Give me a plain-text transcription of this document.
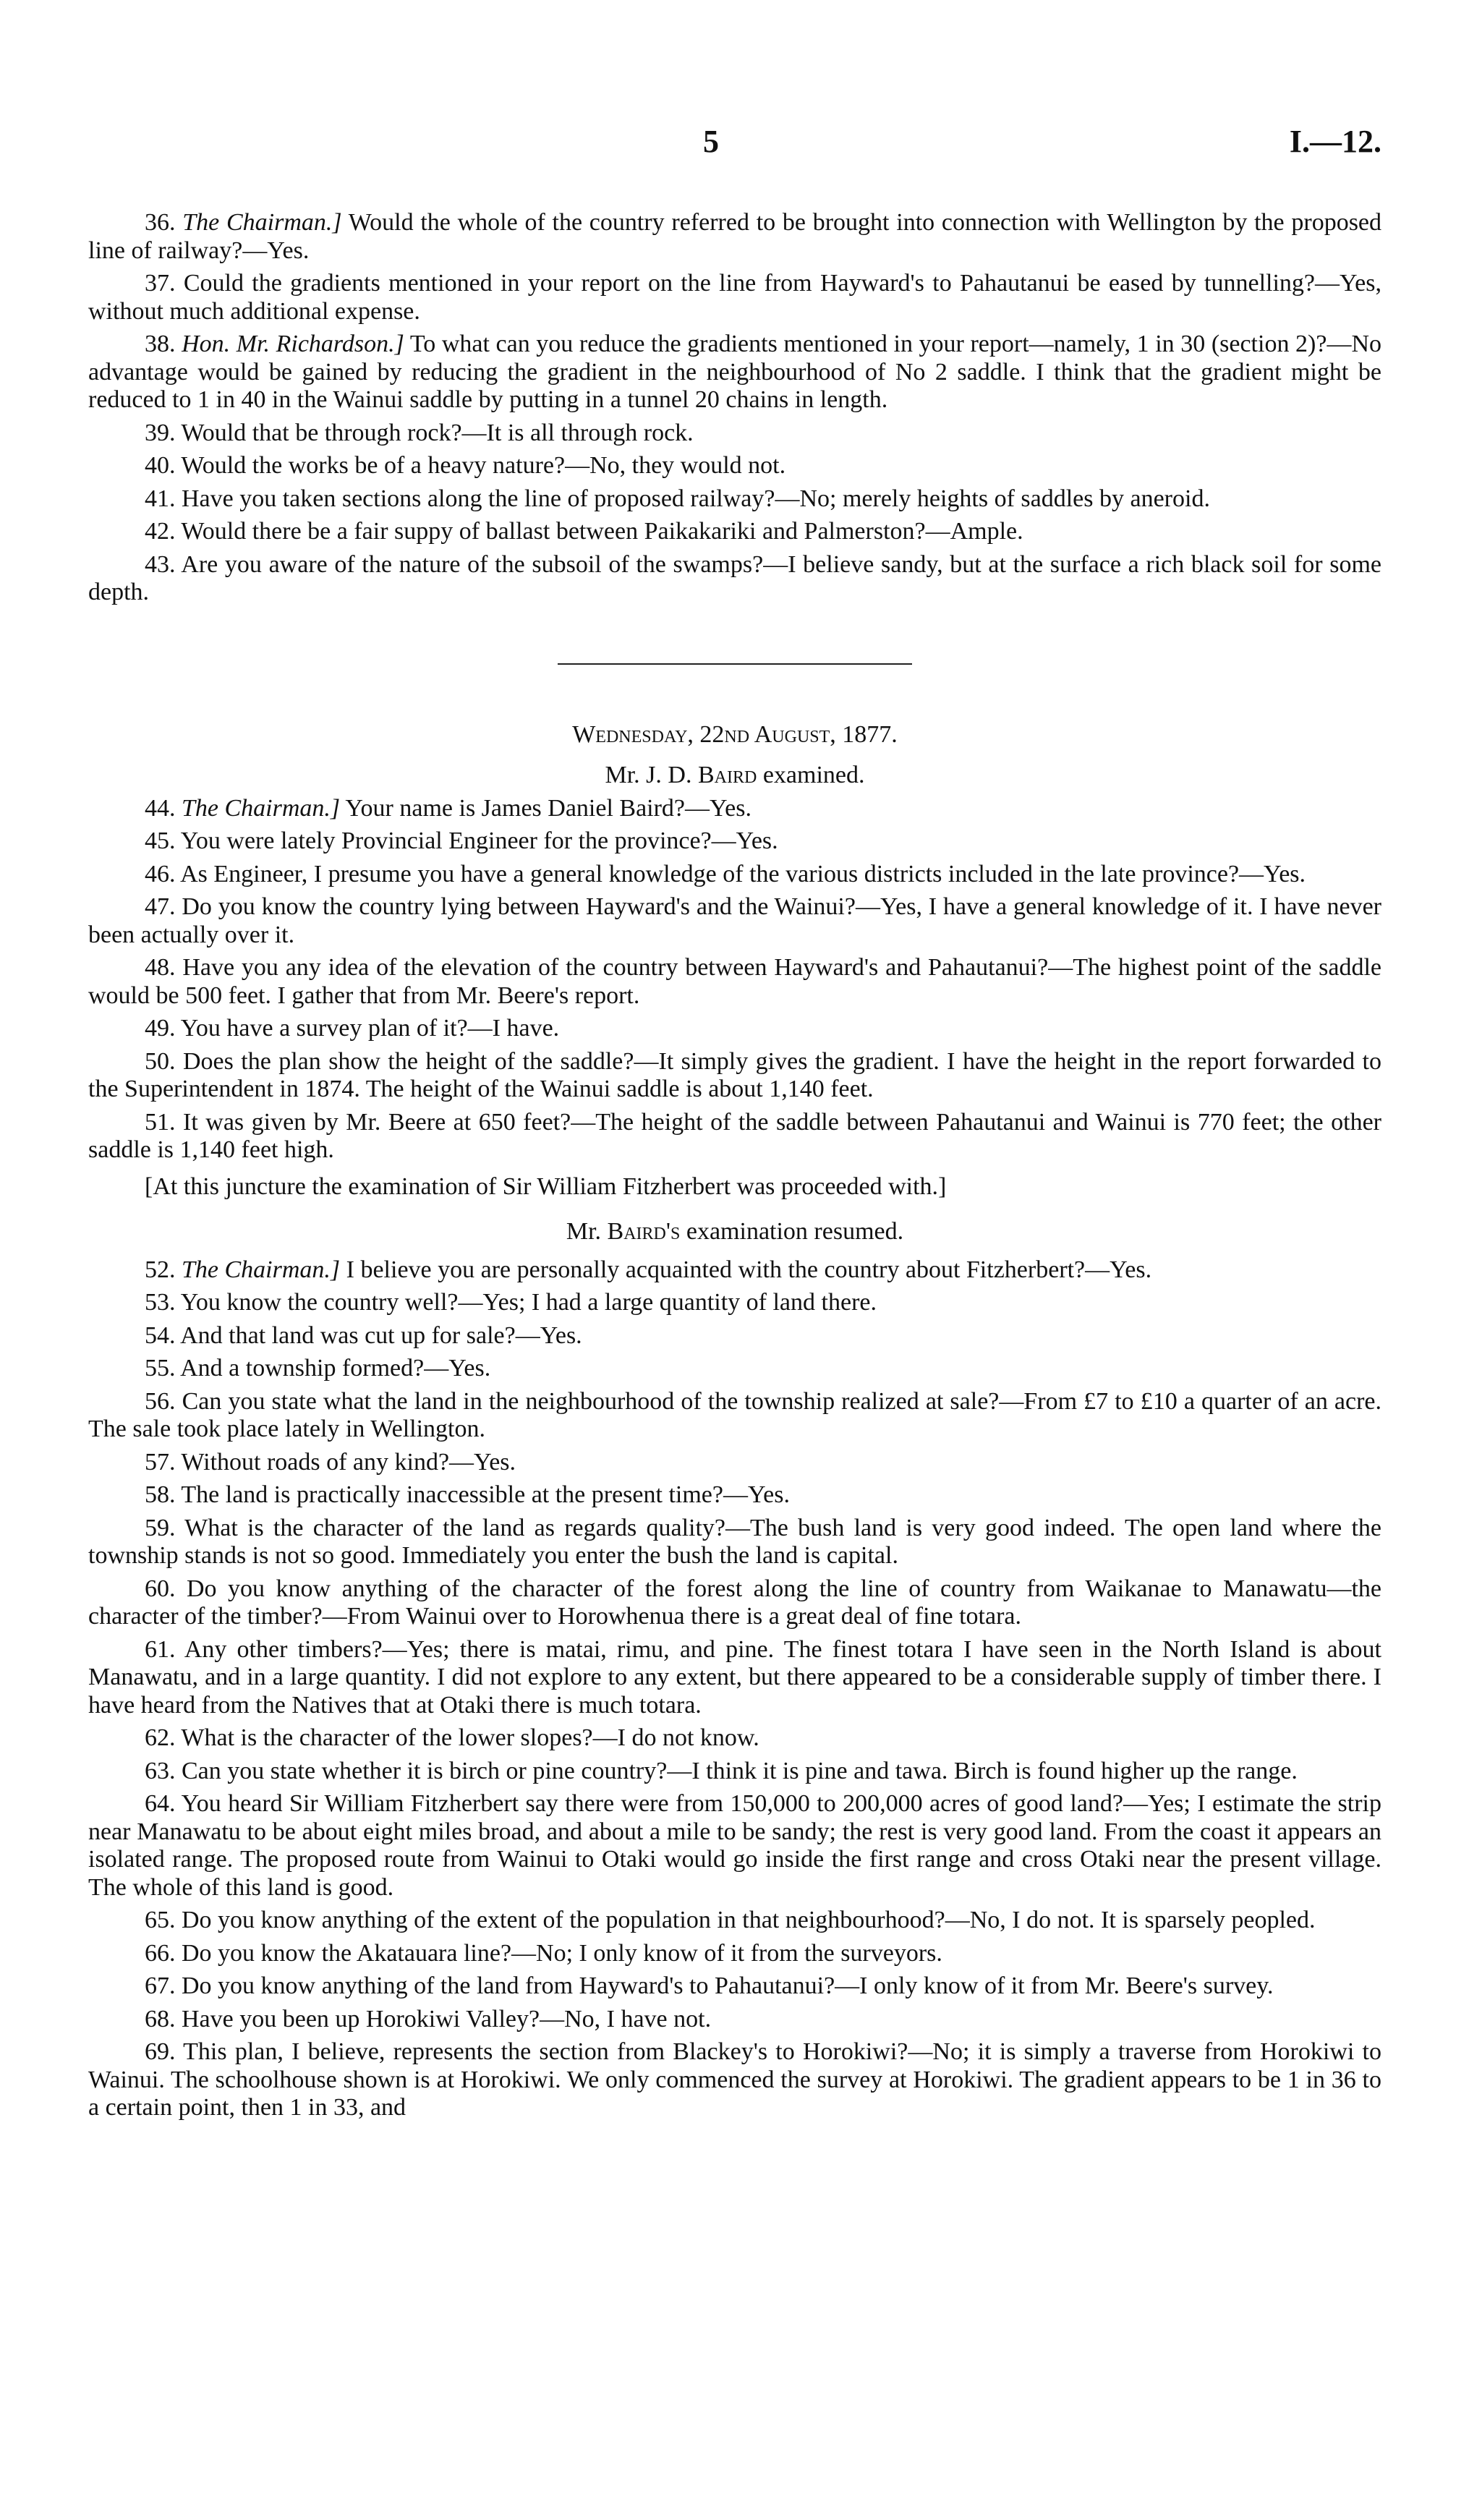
5	I.—12.

36. The Chairman.] Would the whole of the country referred to be brought into connection with Wellington by the proposed line of railway?—Yes.

37. Could the gradients mentioned in your report on the line from Hayward's to Pahautanui be eased by tunnelling?—Yes, without much additional expense.

38. Hon. Mr. Richardson.] To what can you reduce the gradients mentioned in your report—namely, 1 in 30 (section 2)?—No advantage would be gained by reducing the gradient in the neighbourhood of No 2 saddle. I think that the gradient might be reduced to 1 in 40 in the Wainui saddle by putting in a tunnel 20 chains in length.

39. Would that be through rock?—It is all through rock.

40. Would the works be of a heavy nature?—No, they would not.

41. Have you taken sections along the line of proposed railway?—No; merely heights of saddles by aneroid.

42. Would there be a fair suppy of ballast between Paikakariki and Palmerston?—Ample.

43. Are you aware of the nature of the subsoil of the swamps?—I believe sandy, but at the surface a rich black soil for some depth.

Wednesday, 22nd August, 1877.

Mr. J. D. Baird examined.

44. The Chairman.] Your name is James Daniel Baird?—Yes.

45. You were lately Provincial Engineer for the province?—Yes.

46. As Engineer, I presume you have a general knowledge of the various districts included in the late province?—Yes.

47. Do you know the country lying between Hayward's and the Wainui?—Yes, I have a general knowledge of it. I have never been actually over it.

48. Have you any idea of the elevation of the country between Hayward's and Pahautanui?—The highest point of the saddle would be 500 feet. I gather that from Mr. Beere's report.

49. You have a survey plan of it?—I have.

50. Does the plan show the height of the saddle?—It simply gives the gradient. I have the height in the report forwarded to the Superintendent in 1874. The height of the Wainui saddle is about 1,140 feet.

51. It was given by Mr. Beere at 650 feet?—The height of the saddle between Pahautanui and Wainui is 770 feet; the other saddle is 1,140 feet high.

[At this juncture the examination of Sir William Fitzherbert was proceeded with.]

Mr. Baird's examination resumed.

52. The Chairman.] I believe you are personally acquainted with the country about Fitzherbert?—Yes.

53. You know the country well?—Yes; I had a large quantity of land there.

54. And that land was cut up for sale?—Yes.

55. And a township formed?—Yes.

56. Can you state what the land in the neighbourhood of the township realized at sale?—From £7 to £10 a quarter of an acre. The sale took place lately in Wellington.

57. Without roads of any kind?—Yes.

58. The land is practically inaccessible at the present time?—Yes.

59. What is the character of the land as regards quality?—The bush land is very good indeed. The open land where the township stands is not so good. Immediately you enter the bush the land is capital.

60. Do you know anything of the character of the forest along the line of country from Waikanae to Manawatu—the character of the timber?—From Wainui over to Horowhenua there is a great deal of fine totara.

61. Any other timbers?—Yes; there is matai, rimu, and pine. The finest totara I have seen in the North Island is about Manawatu, and in a large quantity. I did not explore to any extent, but there appeared to be a considerable supply of timber there. I have heard from the Natives that at Otaki there is much totara.

62. What is the character of the lower slopes?—I do not know.

63. Can you state whether it is birch or pine country?—I think it is pine and tawa. Birch is found higher up the range.

64. You heard Sir William Fitzherbert say there were from 150,000 to 200,000 acres of good land?—Yes; I estimate the strip near Manawatu to be about eight miles broad, and about a mile to be sandy; the rest is very good land. From the coast it appears an isolated range. The proposed route from Wainui to Otaki would go inside the first range and cross Otaki near the present village. The whole of this land is good.

65. Do you know anything of the extent of the population in that neighbourhood?—No, I do not. It is sparsely peopled.

66. Do you know the Akatauara line?—No; I only know of it from the surveyors.

67. Do you know anything of the land from Hayward's to Pahautanui?—I only know of it from Mr. Beere's survey.

68. Have you been up Horokiwi Valley?—No, I have not.

69. This plan, I believe, represents the section from Blackey's to Horokiwi?—No; it is simply a traverse from Horokiwi to Wainui. The schoolhouse shown is at Horokiwi. We only commenced the survey at Horokiwi. The gradient appears to be 1 in 36 to a certain point, then 1 in 33, and
